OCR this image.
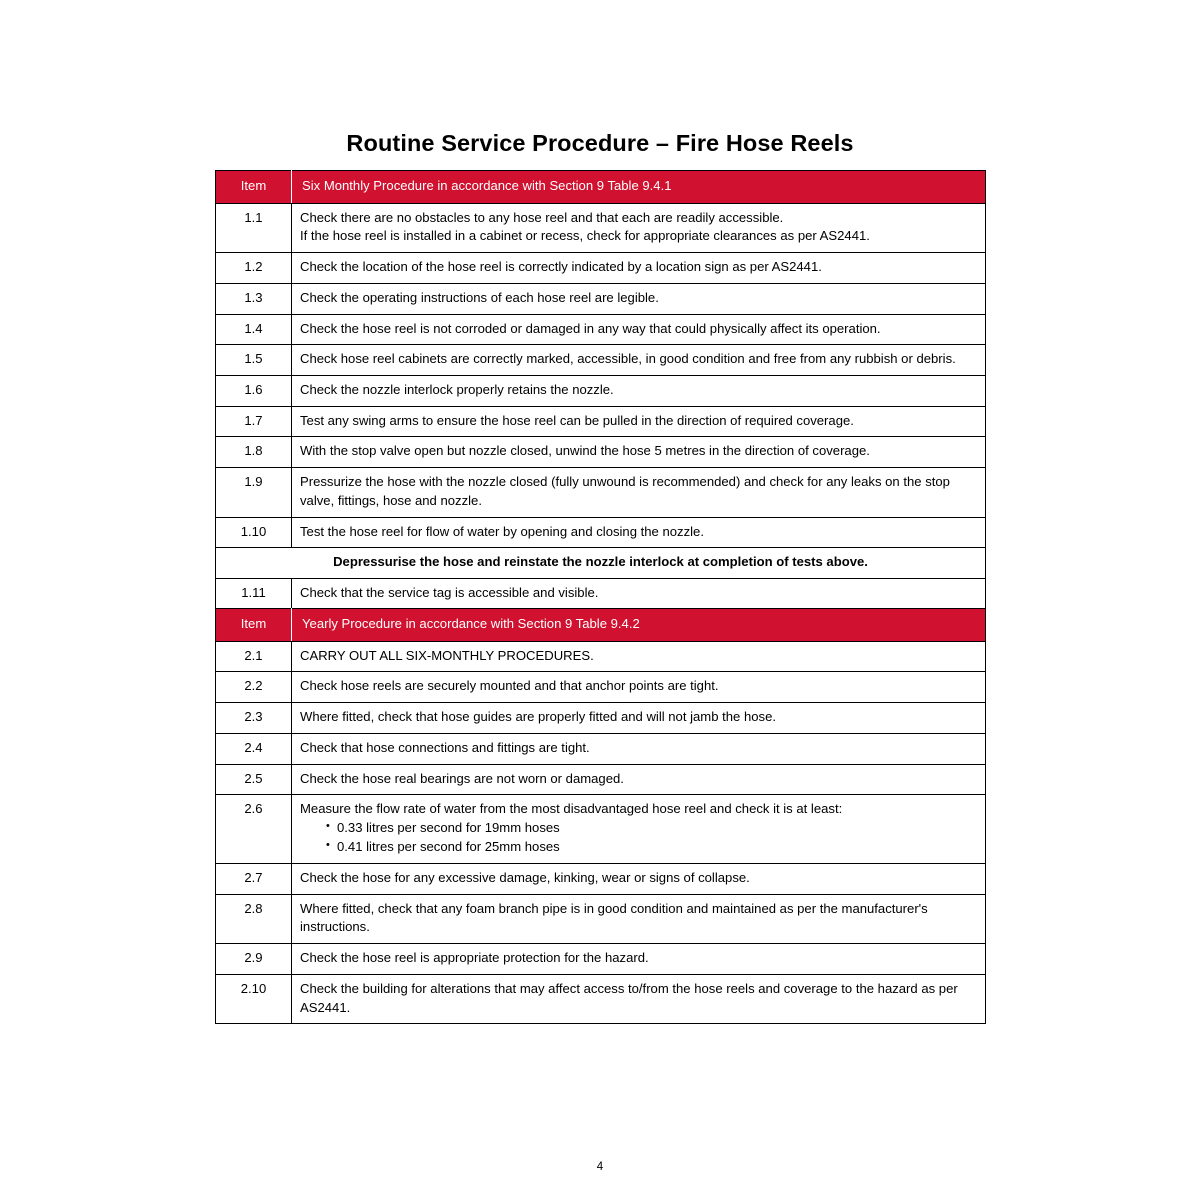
Routine Service Procedure – Fire Hose Reels
Item	Six Monthly Procedure in accordance with Section 9 Table 9.4.1
1.1	Check there are no obstacles to any hose reel and that each are readily accessible.
If the hose reel is installed in a cabinet or recess, check for appropriate clearances as per AS2441.

1.2	Check the location of the hose reel is correctly indicated by a location sign as per AS2441.

1.3	Check the operating instructions of each hose reel are legible.

1.4	Check the hose reel is not corroded or damaged in any way that could physically affect its operation.

1.5	Check hose reel cabinets are correctly marked, accessible, in good condition and free from any rubbish or debris.

1.6	Check the nozzle interlock properly retains the nozzle.

1.7	Test any swing arms to ensure the hose reel can be pulled in the direction of required coverage.

1.8	With the stop valve open but nozzle closed, unwind the hose 5 metres in the direction of coverage.

1.9	Pressurize the hose with the nozzle closed (fully unwound is recommended) and check for any leaks on the stop valve, fittings, hose and nozzle.

1.10	Test the hose reel for flow of water by opening and closing the nozzle.

Depressurise the hose and reinstate the nozzle interlock at completion of tests above.	
1.11	Check that the service tag is accessible and visible.
Item	Yearly Procedure in accordance with Section 9 Table 9.4.2
2.1	CARRY OUT ALL SIX-MONTHLY PROCEDURES.

2.2	Check hose reels are securely mounted and that anchor points are tight.

2.3	Where fitted, check that hose guides are properly fitted and will not jamb the hose.

2.4	Check that hose connections and fittings are tight.

2.5	Check the hose real bearings are not worn or damaged.

2.6	Measure the flow rate of water from the most disadvantaged hose reel and check it is at least:
• 0.33 litres per second for 19mm hoses
• 0.41 litres per second for 25mm hoses

2.7	Check the hose for any excessive damage, kinking, wear or signs of collapse.

2.8	Where fitted, check that any foam branch pipe is in good condition and maintained as per the manufacturer's instructions.

2.9	Check the hose reel is appropriate protection for the hazard.

2.10	Check the building for alterations that may affect access to/from the hose reels and coverage to the hazard as per AS2441.
4
